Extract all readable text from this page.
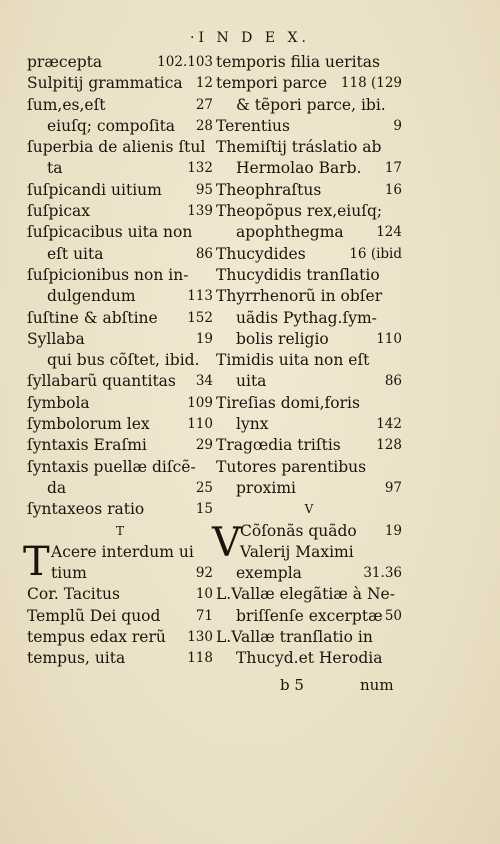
·I N D E X.
præcepta	102.103
Sulpitij grammatica 12
ſum,es,eſt	27
eiuſq; compoſita 28
ſuperbia de alienis ſtul
ta	132
ſuſpicandi uitium	95
ſuſpicax	139
ſuſpicacibus uita non
eſt uita	86
ſuſpicionibus non in-
dulgendum	113
ſuſtine & abſtine 152
Syllaba	19
qui bus cõſtet, ibid.
ſyllabarũ quantitas 34
ſymbola	109
ſymbolorum lex	110
ſyntaxis Eraſmi	29
ſyntaxis puellæ diſcẽ-
da	25
ſyntaxeos ratio	15
T
T Acere interdum ui
tium	92
Cor. Tacitus	10
Templũ Dei quod	71
tempus edax rerũ 130
tempus, uita	118
temporis filia ueritas
tempori parce 118 (129
& tẽpori parce, ibi.
Terentius	9
Themiſtij tráslatio ab
Hermolao Barb. 17
Theophraſtus	16
Theopõpus rex,eiuſq;
apophthegma 124
Thucydides	16 (ibid
Thucydidis tranſlatio
Thyrrhenorũ in obſer
uãdis Pythag.ſym-
bolis religio	110
Timidis uita non eſt
uita	86
Tireſias domi,foris
lynx	142
Tragœdia triſtis	128
Tutores parentibus
proximi	97
V
V Cõſonãs quãdo 19
Valerij Maximi
exempla	31.36
L.Vallæ elegãtiæ à Ne-
briſſenſe excerptæ 50
L.Vallæ tranſlatio in
Thucyd.et Herodia
b 5	num
